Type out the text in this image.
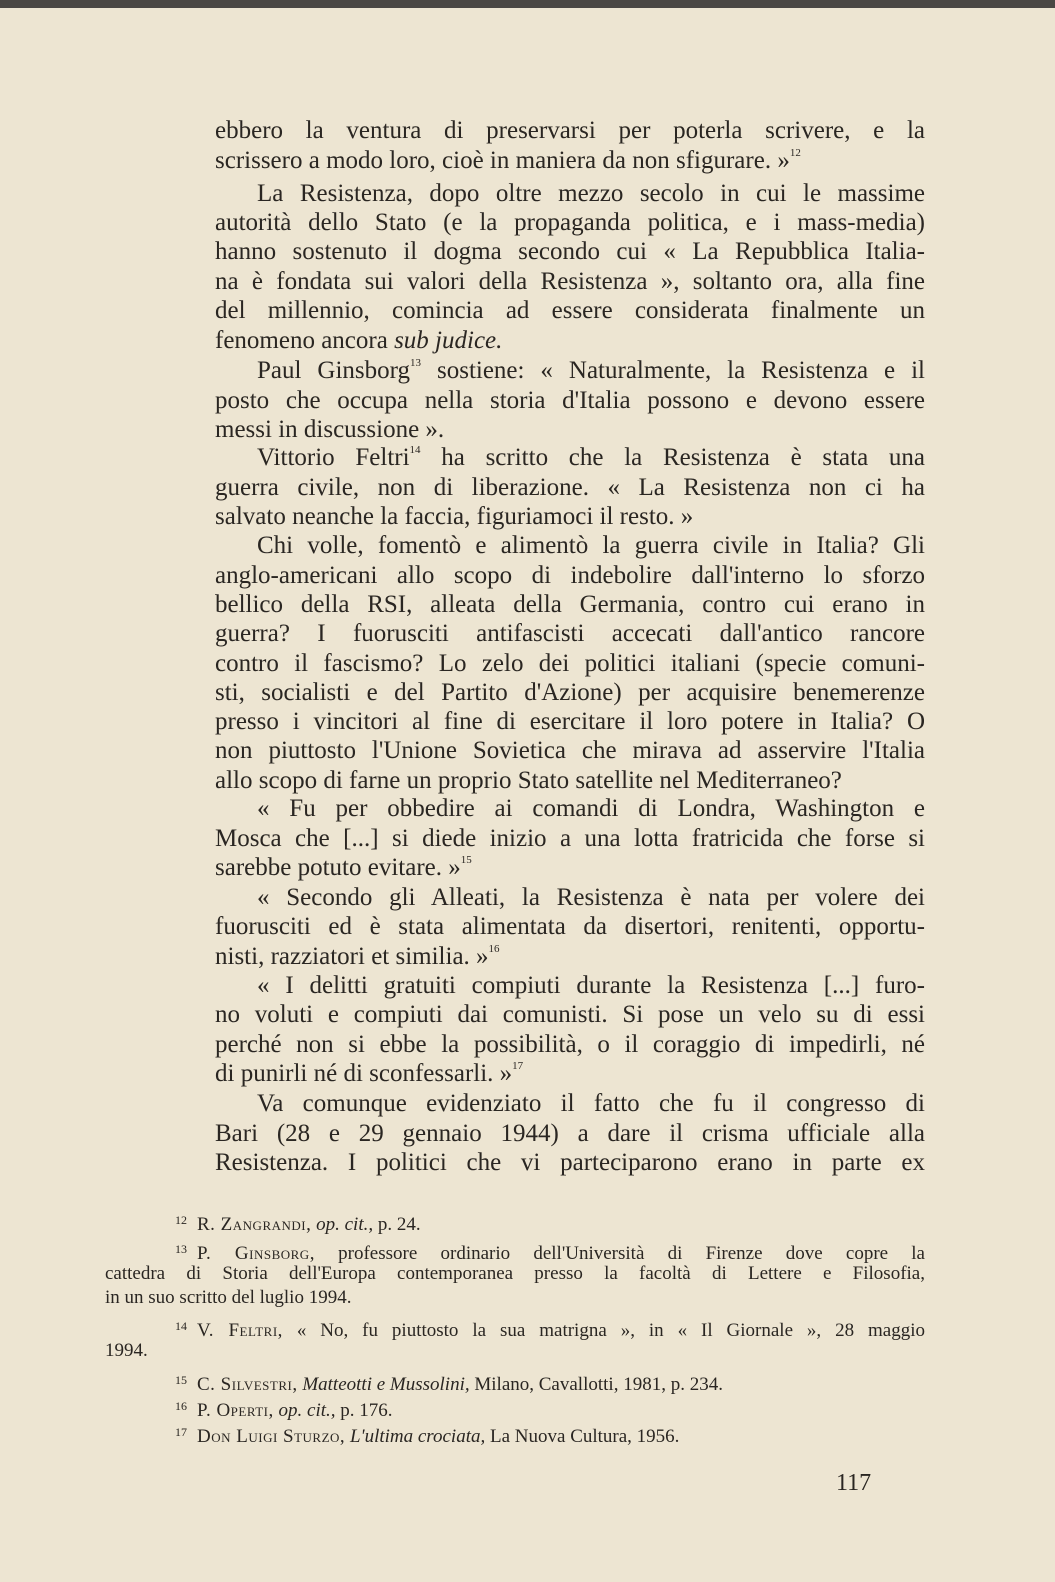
ebbero la ventura di preservarsi per poterla scrivere, e la
scrissero a modo loro, cioè in maniera da non sfigurare. »$^{12}$
La Resistenza, dopo oltre mezzo secolo in cui le massime
autorità dello Stato (e la propaganda politica, e i mass-media)
hanno sostenuto il dogma secondo cui « La Repubblica Italia-
na è fondata sui valori della Resistenza », soltanto ora, alla fine
del millennio, comincia ad essere considerata finalmente un
fenomeno ancora sub judice.
Paul Ginsborg$^{13}$ sostiene: « Naturalmente, la Resistenza e il
posto che occupa nella storia d'Italia possono e devono essere
messi in discussione ».
Vittorio Feltri$^{14}$ ha scritto che la Resistenza è stata una
guerra civile, non di liberazione. « La Resistenza non ci ha
salvato neanche la faccia, figuriamoci il resto. »
Chi volle, fomentò e alimentò la guerra civile in Italia? Gli
anglo-americani allo scopo di indebolire dall'interno lo sforzo
bellico della RSI, alleata della Germania, contro cui erano in
guerra? I fuorusciti antifascisti accecati dall'antico rancore
contro il fascismo? Lo zelo dei politici italiani (specie comuni-
sti, socialisti e del Partito d'Azione) per acquisire benemerenze
presso i vincitori al fine di esercitare il loro potere in Italia? O
non piuttosto l'Unione Sovietica che mirava ad asservire l'Italia
allo scopo di farne un proprio Stato satellite nel Mediterraneo?
« Fu per obbedire ai comandi di Londra, Washington e
Mosca che [...] si diede inizio a una lotta fratricida che forse si
sarebbe potuto evitare. »$^{15}$
« Secondo gli Alleati, la Resistenza è nata per volere dei
fuorusciti ed è stata alimentata da disertori, renitenti, opportu-
nisti, razziatori et similia. »$^{16}$
« I delitti gratuiti compiuti durante la Resistenza [...] furo-
no voluti e compiuti dai comunisti. Si pose un velo su di essi
perché non si ebbe la possibilità, o il coraggio di impedirli, né
di punirli né di sconfessarli. »$^{17}$
Va comunque evidenziato il fatto che fu il congresso di
Bari (28 e 29 gennaio 1944) a dare il crisma ufficiale alla
Resistenza. I politici che vi parteciparono erano in parte ex
$^{12}$ R. Zangrandi, op. cit., p. 24.
$^{13}$ P. Ginsborg, professore ordinario dell'Università di Firenze dove copre la
cattedra di Storia dell'Europa contemporanea presso la facoltà di Lettere e Filosofia,
in un suo scritto del luglio 1994.
$^{14}$ V. Feltri, « No, fu piuttosto la sua matrigna », in « Il Giornale », 28 maggio
1994.
$^{15}$ C. Silvestri, Matteotti e Mussolini, Milano, Cavallotti, 1981, p. 234.
$^{16}$ P. Operti, op. cit., p. 176.
$^{17}$ Don Luigi Sturzo, L'ultima crociata, La Nuova Cultura, 1956.
117
